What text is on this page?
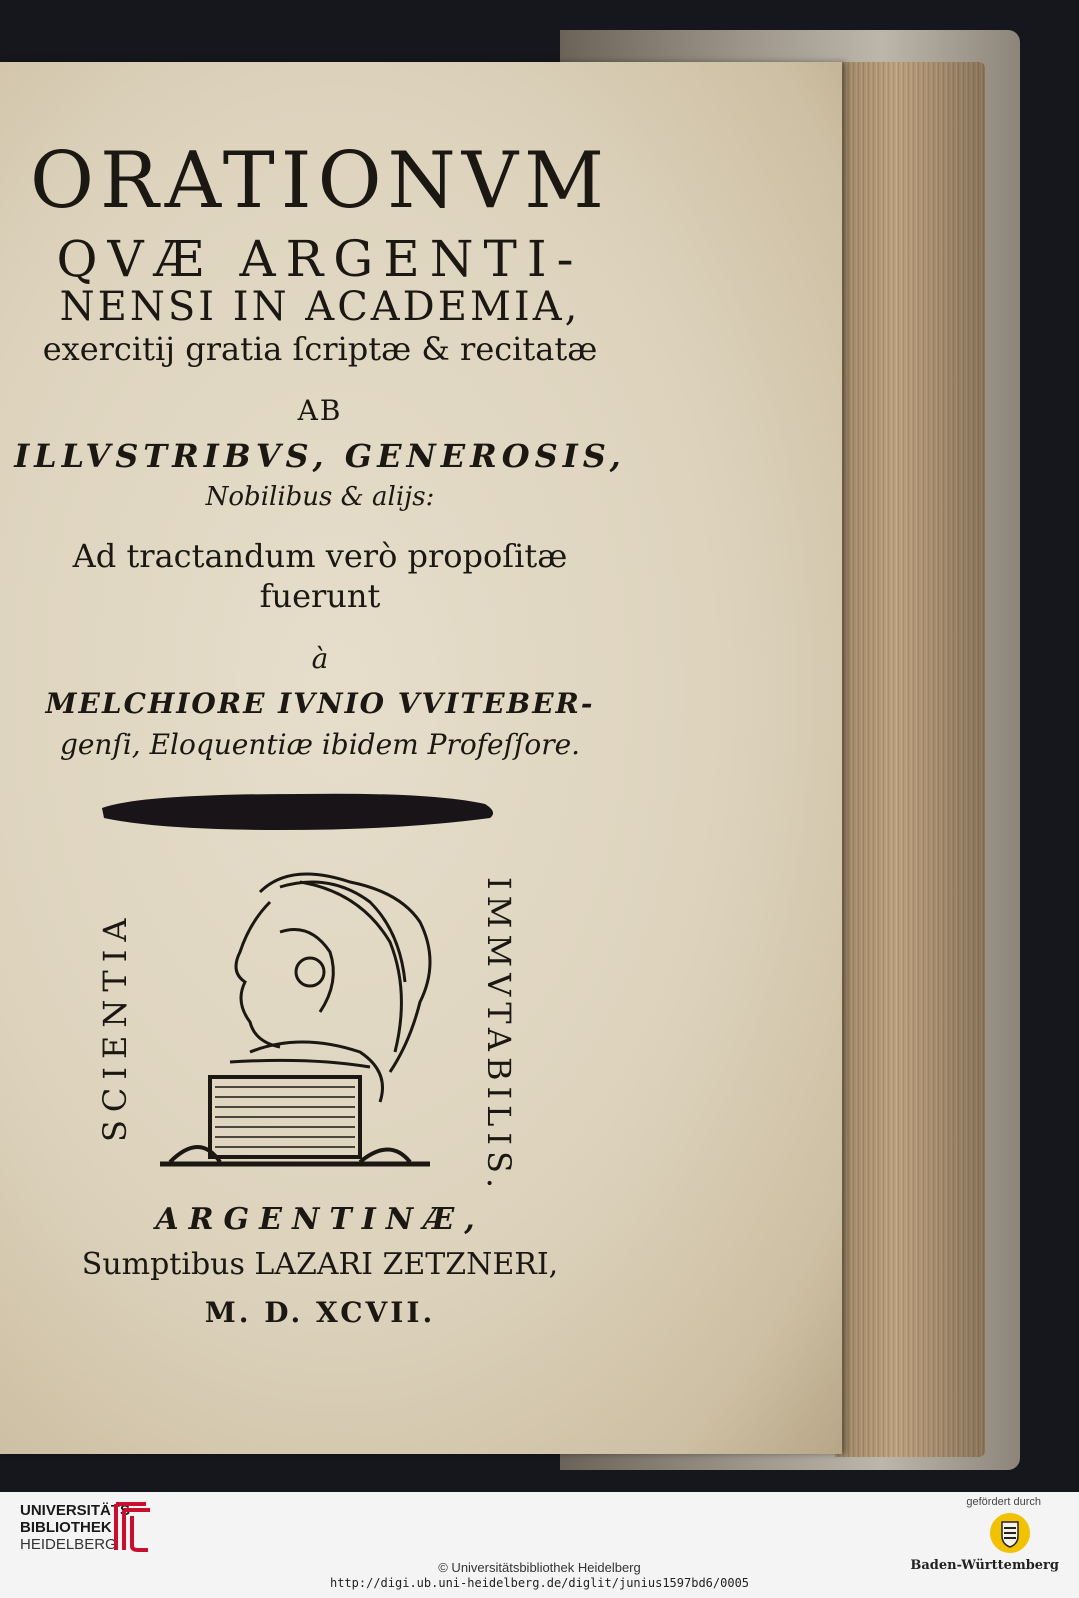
ORATIONVM
QVÆ ARGENTI-
NENSI IN ACADEMIA,
exercitij gratia ſcriptæ & recitatæ
AB
ILLVSTRIBVS, GENEROSIS,
Nobilibus & alijs:
Ad tractandum verò propoſitæ
fuerunt
à
MELCHIORE IVNIO VVITEBER-
genſi, Eloquentiæ ibidem Profeſſore.
SCIENTIA	IMMVTABILIS.
ARGENTINÆ,
Sumptibus LAZARI ZETZNERI,
M. D. XCVII.
UNIVERSITÄTS-
BIBLIOTHEK
HEIDELBERG
gefördert durch
Baden-Württemberg
© Universitätsbibliothek Heidelberg
http://digi.ub.uni-heidelberg.de/diglit/junius1597bd6/0005
